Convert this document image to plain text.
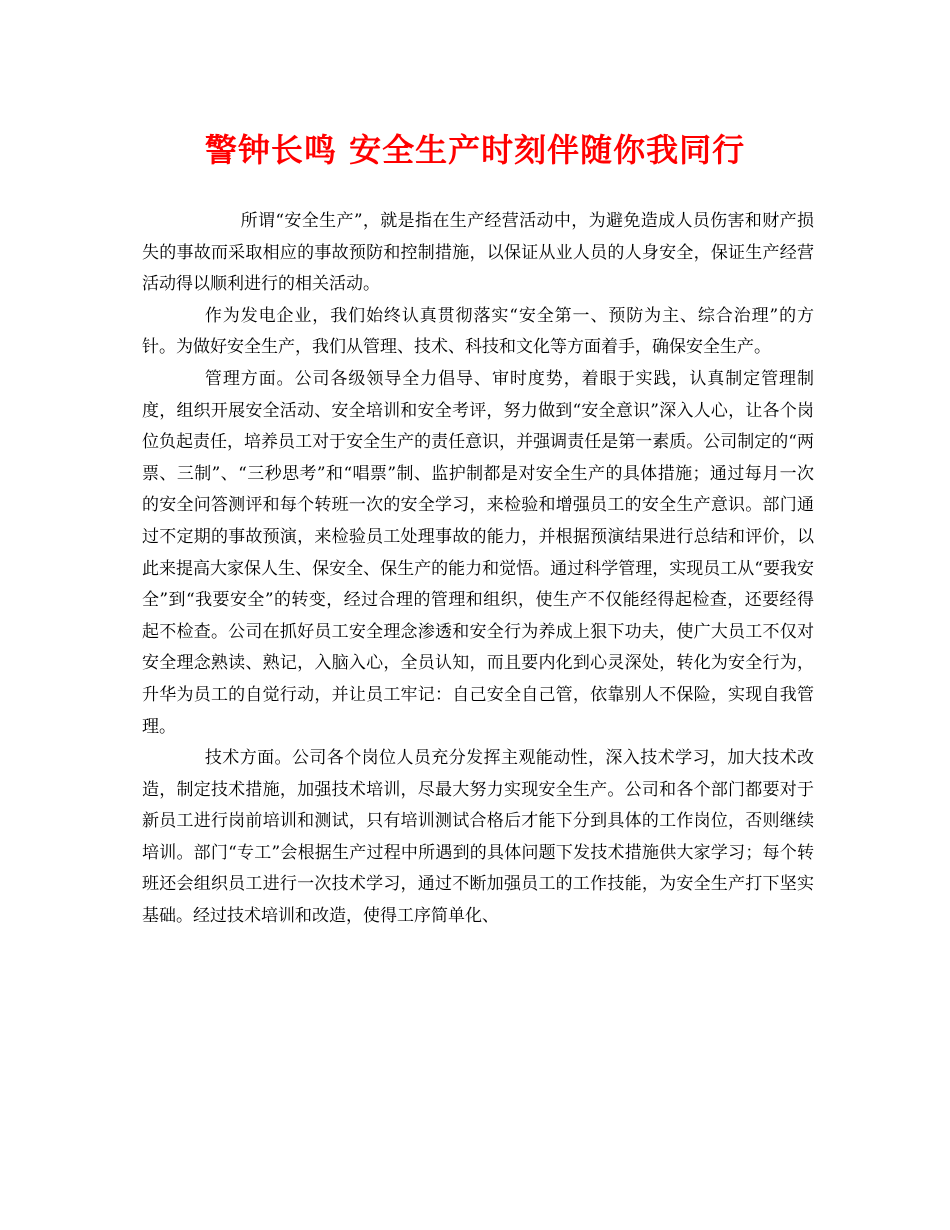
警钟长鸣 安全生产时刻伴随你我同行

所谓“安全生产”，就是指在生产经营活动中，为避免造成人员伤害和财产损失的事故而采取相应的事故预防和控制措施，以保证从业人员的人身安全，保证生产经营活动得以顺利进行的相关活动。

作为发电企业，我们始终认真贯彻落实“安全第一、预防为主、综合治理”的方针。为做好安全生产，我们从管理、技术、科技和文化等方面着手，确保安全生产。

管理方面。公司各级领导全力倡导、审时度势，着眼于实践，认真制定管理制度，组织开展安全活动、安全培训和安全考评，努力做到“安全意识”深入人心，让各个岗位负起责任，培养员工对于安全生产的责任意识，并强调责任是第一素质。公司制定的“两票、三制”、“三秒思考”和“唱票”制、监护制都是对安全生产的具体措施；通过每月一次的安全问答测评和每个转班一次的安全学习，来检验和增强员工的安全生产意识。部门通过不定期的事故预演，来检验员工处理事故的能力，并根据预演结果进行总结和评价，以此来提高大家保人生、保安全、保生产的能力和觉悟。通过科学管理，实现员工从“要我安全”到“我要安全”的转变，经过合理的管理和组织，使生产不仅能经得起检查，还要经得起不检查。公司在抓好员工安全理念渗透和安全行为养成上狠下功夫，使广大员工不仅对安全理念熟读、熟记，入脑入心，全员认知，而且要内化到心灵深处，转化为安全行为，升华为员工的自觉行动，并让员工牢记：自己安全自己管，依靠别人不保险，实现自我管理。

技术方面。公司各个岗位人员充分发挥主观能动性，深入技术学习，加大技术改造，制定技术措施，加强技术培训，尽最大努力实现安全生产。公司和各个部门都要对于新员工进行岗前培训和测试，只有培训测试合格后才能下分到具体的工作岗位，否则继续培训。部门“专工”会根据生产过程中所遇到的具体问题下发技术措施供大家学习；每个转班还会组织员工进行一次技术学习，通过不断加强员工的工作技能，为安全生产打下坚实基础。经过技术培训和改造，使得工序简单化、
